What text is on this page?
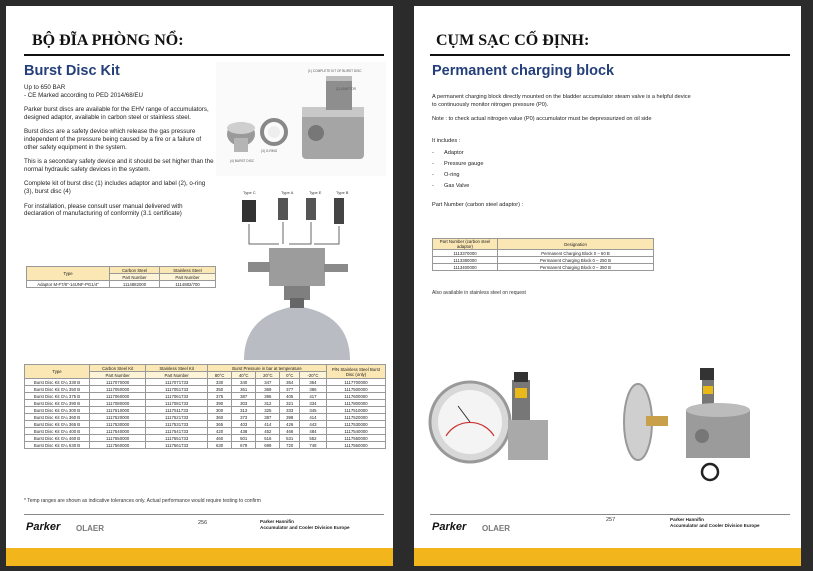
BỘ ĐĨA PHÒNG NỔ:
Burst Disc Kit

Up to 650 BAR

- CE Marked according to PED 2014/68/EU

Parker burst discs are available for the EHV range of accumulators, designed adaptor, available in carbon steel or stainless steel.

Burst discs are a safety device which release the gas pressure independent of the pressure being caused by a fire or a failure of other safety equipment in the system.

This is a secondary safety device and it should be set higher than the normal hydraulic safety devices in the system.

Complete kit of burst disc (1) includes adaptor and label (2), o-ring (3), burst disc (4)

For installation, please consult user manual delivered with declaration of manufacturing of conformity (3.1 certificate)

(1) COMPLETE KIT OF BURST DISC
(2) ADAPTOR
(3) O-RING
(4) BURST DISC
Type C	Type A	Type E	Type B
Type	Carbon Steel	Stainless Steel
	Part Number	Part Number
Adaptor M-F7/8"-14UNF-PG1/4"	1114882000	1114882/700
Type	Carbon Steel Kit	Stainless Steel Kit	Burst Pressure in bar at temperature					P/N Stainless Steel Burst Disc (only)
	Part Number	Part Number	80°C	40°C	20°C	0°C	-20°C	
Burst Disc Kit G¼ 330 B	1117070000	1117071733	330	340	347	354	364	1117700000
Burst Disc Kit G¼ 350 B	1117050000	1117051733	350	361	369	377	386	1117500000
Burst Disc Kit G¼ 375 B	1117060000	1117061733	375	387	395	405	417	1117600000
Burst Disc Kit G¼ 390 B	1117080000	1117081733	390	303	312	321	334	1117800000
Burst Disc Kit G¼ 300 B	1117510000	1117511733	300	313	325	333	345	1117510000
Burst Disc Kit G¼ 360 B	1117520000	1117521733	360	373	387	398	414	1117520000
Burst Disc Kit G¼ 365 B	1117530000	1117531733	365	403	414	426	443	1117530000
Burst Disc Kit G¼ 400 B	1117540000	1117541733	420	438	452	466	484	1117540000
Burst Disc Kit G¼ 460 B	1117550000	1117551733	460	501	516	531	552	1117550000
Burst Disc Kit G¼ 630 B	1117560000	1117561733	630	679	699	720	748	1117560000
* Temp ranges are shown as indicative tolerances only. Actual performance would require testing to confirm
Parker OLAER
256	Parker Hannifin
Accumulator and Cooler Division Europe
CỤM SẠC CỐ ĐỊNH:
Permanent charging block

A permanent charging block directly mounted on the bladder accumulator steam valve is a helpful device to continuously monitor nitrogen pressure (P0).

Note : to check actual nitrogen value (P0) accumulator must be depressurized on oil side

It includes :

- Adaptor
- Pressure gauge
- O-ring
- Gas Valve

Part Number (carbon steel adaptor) :

Part Number (carbon steel adaptor)	Designation
1113370000	Permanent Charging Block 0 – 60 B
1113380000	Permanent Charging Block 0 – 250 B
1113400000	Permanent Charging Block 0 – 350 B
Also available in stainless steel on request
Parker OLAER
257	Parker Hannifin
Accumulator and Cooler Division Europe
